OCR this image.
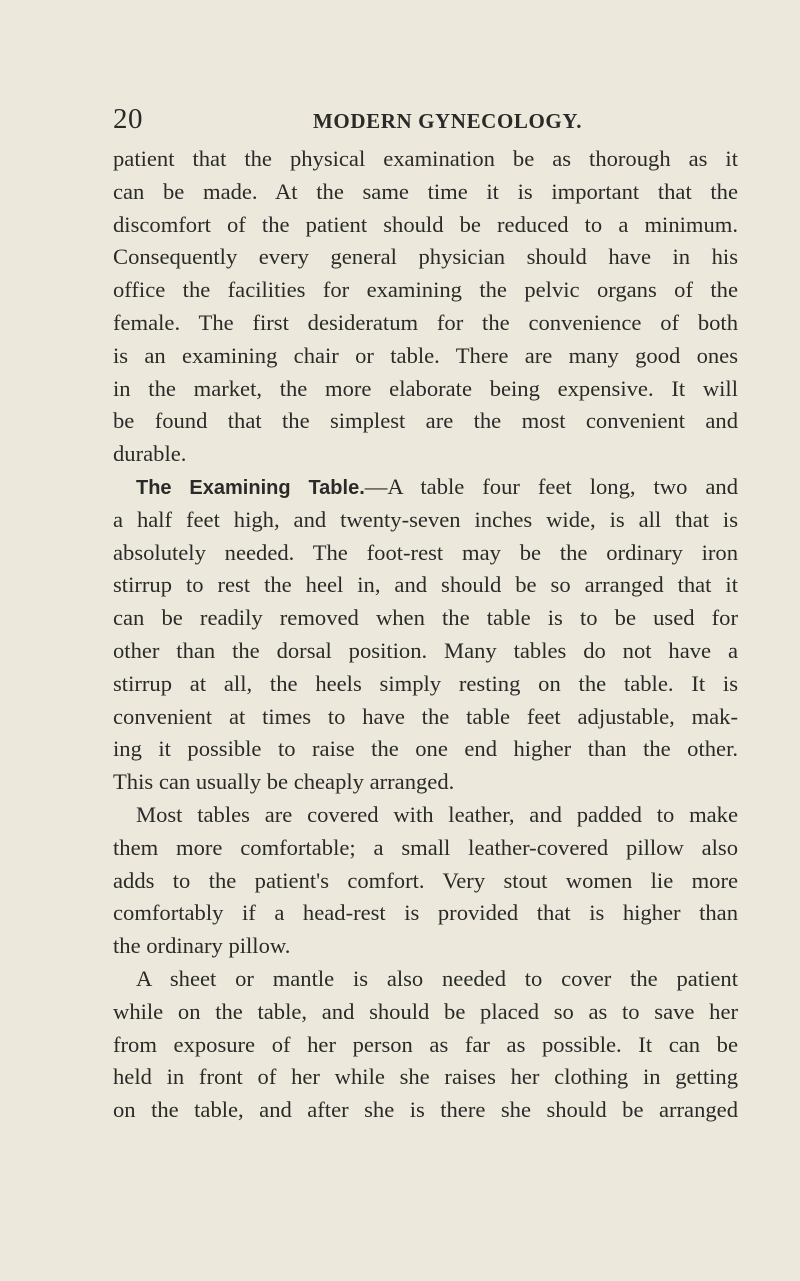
20	MODERN GYNECOLOGY.
patient that the physical examination be as thorough as it
can be made. At the same time it is important that the
discomfort of the patient should be reduced to a minimum.
Consequently every general physician should have in his
office the facilities for examining the pelvic organs of the
female. The first desideratum for the convenience of both
is an examining chair or table. There are many good ones
in the market, the more elaborate being expensive. It will
be found that the simplest are the most convenient and
durable.
The Examining Table.—A table four feet long, two and
a half feet high, and twenty-seven inches wide, is all that is
absolutely needed. The foot-rest may be the ordinary iron
stirrup to rest the heel in, and should be so arranged that it
can be readily removed when the table is to be used for
other than the dorsal position. Many tables do not have a
stirrup at all, the heels simply resting on the table. It is
convenient at times to have the table feet adjustable, mak-
ing it possible to raise the one end higher than the other.
This can usually be cheaply arranged.
Most tables are covered with leather, and padded to make
them more comfortable; a small leather-covered pillow also
adds to the patient's comfort. Very stout women lie more
comfortably if a head-rest is provided that is higher than
the ordinary pillow.
A sheet or mantle is also needed to cover the patient
while on the table, and should be placed so as to save her
from exposure of her person as far as possible. It can be
held in front of her while she raises her clothing in getting
on the table, and after she is there she should be arranged
